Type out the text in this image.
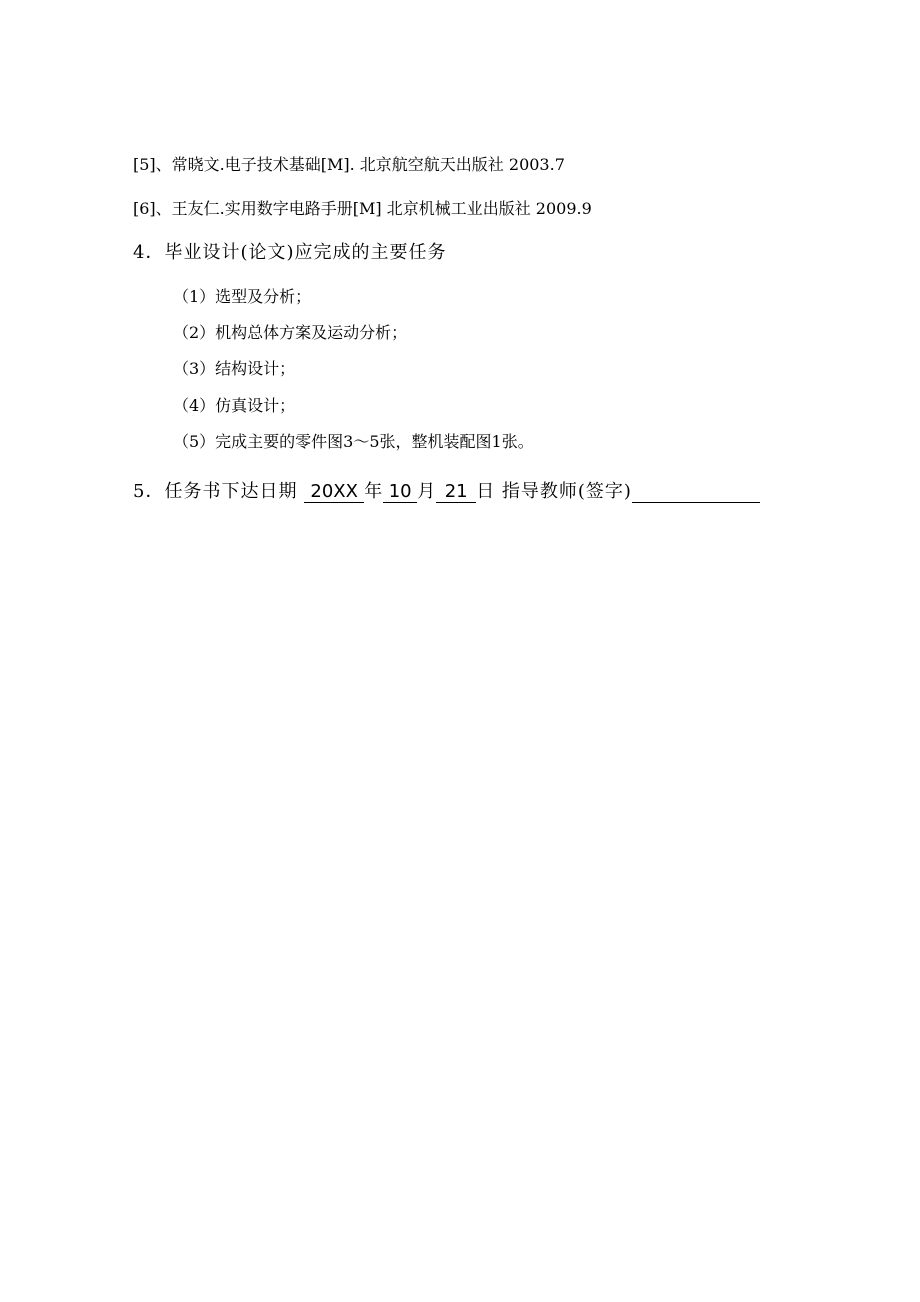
[5]、常晓文.电子技术基础[M]. 北京航空航天出版社 2003.7
[6]、王友仁.实用数字电路手册[M] 北京机械工业出版社 2009.9
4．毕业设计(论文)应完成的主要任务
（1）选型及分析；
（2）机构总体方案及运动分析；
（3）结构设计；
（4）仿真设计；
（5）完成主要的零件图3～5张，整机装配图1张。
5．任务书下达日期 20XX 年 10 月 21 日 指导教师(签字)
